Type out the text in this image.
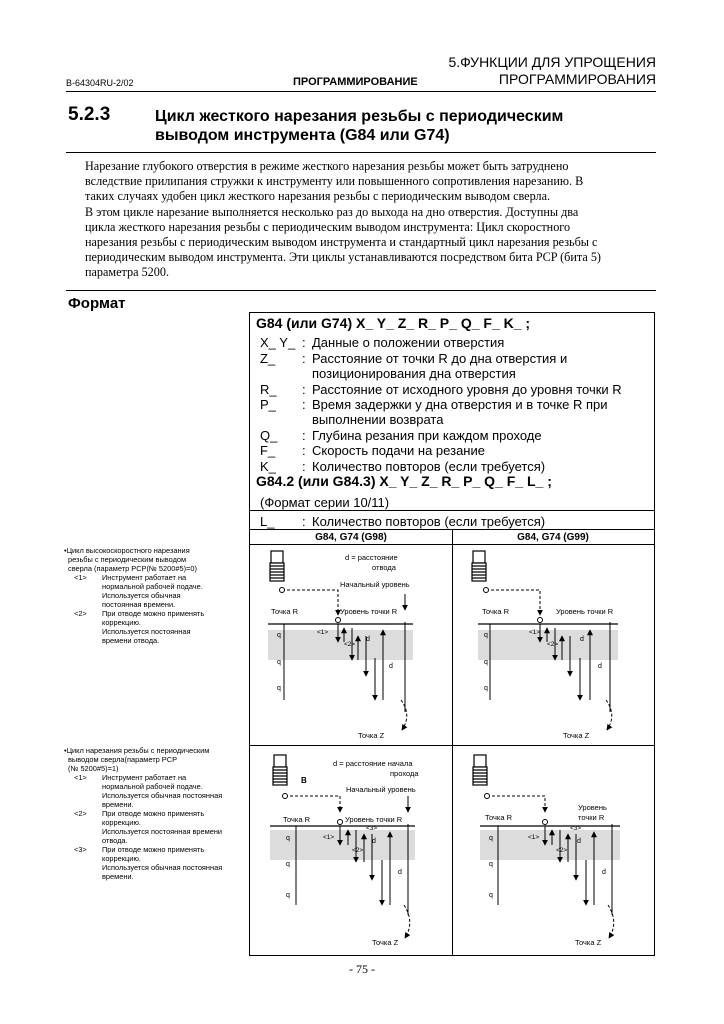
5.ФУНКЦИИ ДЛЯ УПРОЩЕНИЯ
ПРОГРАММИРОВАНИЯ
B-64304RU-2/02	ПРОГРАММИРОВАНИЕ
5.2.3	Цикл жесткого нарезания резьбы с периодическим
выводом инструмента (G84 или G74)
Нарезание глубокого отверстия в режиме жесткого нарезания резьбы может быть затруднено
вследствие прилипания стружки к инструменту или повышенного сопротивления нарезанию. В
таких случаях удобен цикл жесткого нарезания резьбы с периодическим выводом сверла.
В этом цикле нарезание выполняется несколько раз до выхода на дно отверстия. Доступны два
цикла жесткого нарезания резьбы с периодическим выводом инструмента: Цикл скоростного
нарезания резьбы с периодическим выводом инструмента и стандартный цикл нарезания резьбы с
периодическим выводом инструмента. Эти циклы устанавливаются посредством бита PCP (бита 5)
параметра 5200.
Формат
G84 (или G74) X_ Y_ Z_ R_ P_ Q_ F_ K_ ;
X_ Y_ : Данные о положении отверстия
Z_ : Расстояние от точки R до дна отверстия и
позиционирования дна отверстия
R_ : Расстояние от исходного уровня до уровня точки R
P_ : Время задержки у дна отверстия и в точке R при
выполнении возврата
Q_ : Глубина резания при каждом проходе
F_ : Скорость подачи на резание
K_ : Количество повторов (если требуется)
G84.2 (или G84.3) X_ Y_ Z_ R_ P_ Q_ F_ L_ ;
(Формат серии 10/11)
L_ : Количество повторов (если требуется)
G84, G74 (G98)	G84, G74 (G99)
•Цикл высокоскоростного нарезания
резьбы с периодическим выводом
сверла (параметр PCP(№ 5200#5)=0)
<1> Инструмент работает на
нормальной рабочей подаче.
Используется обычная
постоянная времени.
<2> При отводе можно применять
коррекцию.
Используется постоянная
времени отвода.
•Цикл нарезания резьбы с периодическим
выводом сверла(параметр PCP
(№ 5200#5)=1)
<1> Инструмент работает на
нормальной рабочей подаче.
Используется обычная постоянная
времени.
<2> При отводе можно применять
коррекцию.
Используется постоянная времени
отвода.
<3> При отводе можно применять
коррекцию.
Используется обычная постоянная
времени.
d = расстояние
отвода
Начальный уровень
Точка R	Уровень точки R
q
q
q
<1>
<2>
d
d
Точка Z
Точка R	Уровень точки R
q
q
q
<1>
<2>
d
d
Точка Z
B
d = расстояние начала
прохода
Начальный уровень
Точка R	Уровень точки R
q
q
q
<1>
<2>
<3>
d
d
Точка Z
Уровень
точки R
Точка R
q
q
q
<1>
<2>
<3>
d
d
Точка Z
- 75 -
